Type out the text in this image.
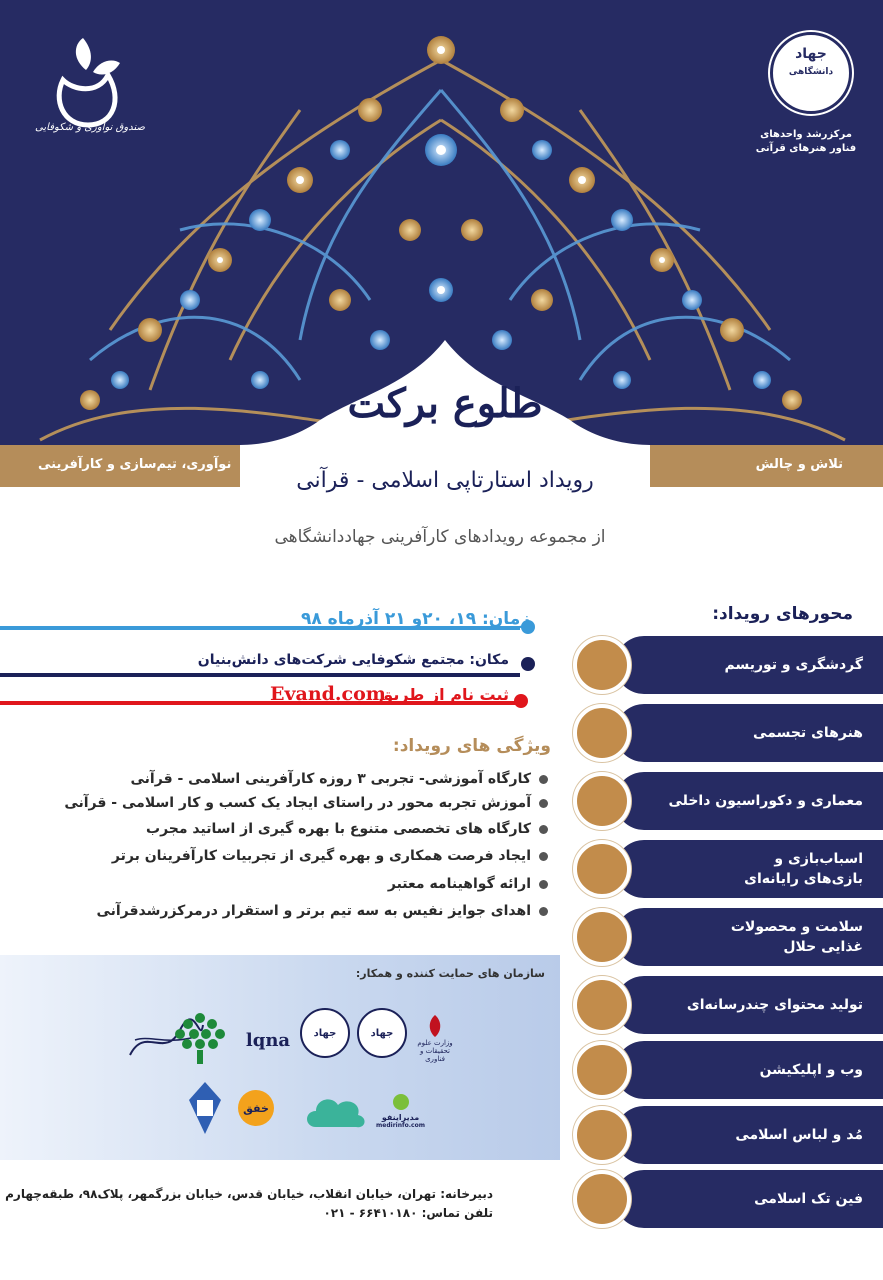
صندوق نوآوری و شکوفایی
جهاد
دانشگاهی
مرکزرشد واحدهای
فناور هنرهای قرآنی
نوآوری، تیم‌سازی و کارآفرینی	تلاش و چالش
طلوع برکت
رویداد استارتاپی اسلامی - قرآنی
از مجموعه رویدادهای کارآفرینی جهاددانشگاهی
زمان: ۱۹، ۲۰و ۲۱ آذرماه ۹۸
مکان: مجتمع شکوفایی شرکت‌های دانش‌بنیان
ثبت نام از طریق
Evand.com
ویژگی های رویداد:
کارگاه آموزشی- تجربی ۳ روزه کارآفرینی اسلامی - قرآنی
آموزش تجربه محور در راستای ایجاد یک کسب و کار اسلامی - قرآنی
کارگاه های تخصصی متنوع با بهره گیری از اساتید مجرب
ایجاد فرصت همکاری و بهره گیری از تجربیات کارآفرینان برتر
ارائه گواهینامه معتبر
اهدای جوایز نفیس به سه تیم برتر و استقرار درمرکزرشدقرآنی
محورهای رویداد:
گردشگری و توریسم
هنرهای تجسمی
معماری و دکوراسیون داخلی
اسباب‌بازی و بازی‌های رایانه‌ای
سلامت و محصولات غذایی حلال
تولید محتوای چندرسانه‌ای
وب و اپلیکیشن
مُد و لباس اسلامی
فین تک اسلامی
سازمان های حمایت کننده و همکار:
lqna جهاد	جهاد
وزارت علوم تحقیقات و فناوری
خفق
مدیراینفو
medirinfo.com
دبیرخانه: تهران، خیابان انقلاب، خیابان قدس، خیابان بزرگمهر، پلاک۹۸، طبقه‌چهارم
تلفن تماس: ۶۶۴۱۰۱۸۰ - ۰۲۱
